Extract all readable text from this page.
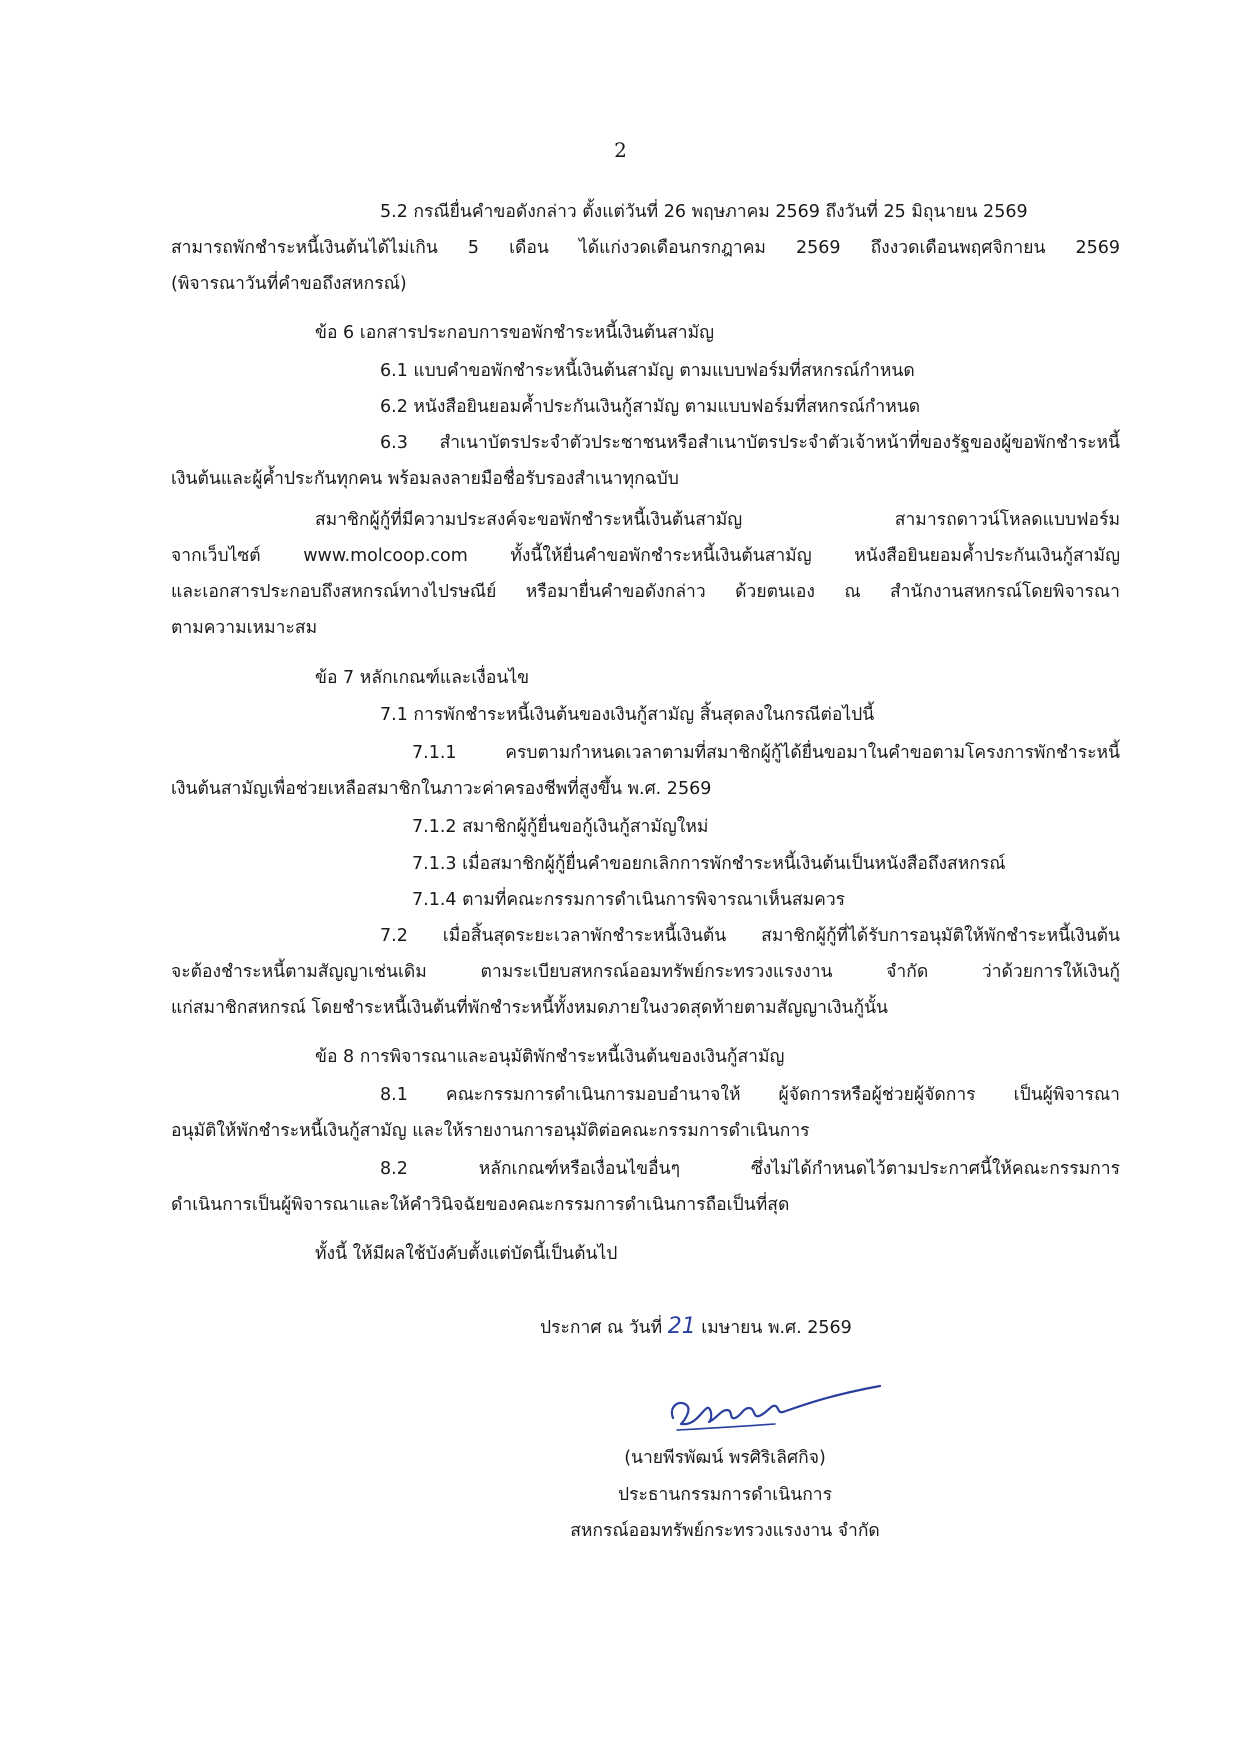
2

5.2 กรณียื่นคำขอดังกล่าว ตั้งแต่วันที่ 26 พฤษภาคม 2569 ถึงวันที่ 25 มิถุนายน 2569

สามารถพักชำระหนี้เงินต้นได้ไม่เกิน 5 เดือน ได้แก่งวดเดือนกรกฎาคม 2569 ถึงงวดเดือนพฤศจิกายน 2569

(พิจารณาวันที่คำขอถึงสหกรณ์)

ข้อ 6 เอกสารประกอบการขอพักชำระหนี้เงินต้นสามัญ

6.1 แบบคำขอพักชำระหนี้เงินต้นสามัญ ตามแบบฟอร์มที่สหกรณ์กำหนด

6.2 หนังสือยินยอมค้ำประกันเงินกู้สามัญ ตามแบบฟอร์มที่สหกรณ์กำหนด

6.3 สำเนาบัตรประจำตัวประชาชนหรือสำเนาบัตรประจำตัวเจ้าหน้าที่ของรัฐของผู้ขอพักชำระหนี้

เงินต้นและผู้ค้ำประกันทุกคน พร้อมลงลายมือชื่อรับรองสำเนาทุกฉบับ

สมาชิกผู้กู้ที่มีความประสงค์จะขอพักชำระหนี้เงินต้นสามัญ สามารถดาวน์โหลดแบบฟอร์ม

จากเว็บไซต์ www.molcoop.com ทั้งนี้ให้ยื่นคำขอพักชำระหนี้เงินต้นสามัญ หนังสือยินยอมค้ำประกันเงินกู้สามัญ

และเอกสารประกอบถึงสหกรณ์ทางไปรษณีย์ หรือมายื่นคำขอดังกล่าว ด้วยตนเอง ณ สำนักงานสหกรณ์โดยพิจารณา

ตามความเหมาะสม

ข้อ 7 หลักเกณฑ์และเงื่อนไข

7.1 การพักชำระหนี้เงินต้นของเงินกู้สามัญ สิ้นสุดลงในกรณีต่อไปนี้

7.1.1 ครบตามกำหนดเวลาตามที่สมาชิกผู้กู้ได้ยื่นขอมาในคำขอตามโครงการพักชำระหนี้

เงินต้นสามัญเพื่อช่วยเหลือสมาชิกในภาวะค่าครองชีพที่สูงขึ้น พ.ศ. 2569

7.1.2 สมาชิกผู้กู้ยื่นขอกู้เงินกู้สามัญใหม่

7.1.3 เมื่อสมาชิกผู้กู้ยื่นคำขอยกเลิกการพักชำระหนี้เงินต้นเป็นหนังสือถึงสหกรณ์

7.1.4 ตามที่คณะกรรมการดำเนินการพิจารณาเห็นสมควร

7.2 เมื่อสิ้นสุดระยะเวลาพักชำระหนี้เงินต้น สมาชิกผู้กู้ที่ได้รับการอนุมัติให้พักชำระหนี้เงินต้น

จะต้องชำระหนี้ตามสัญญาเช่นเดิม ตามระเบียบสหกรณ์ออมทรัพย์กระทรวงแรงงาน จำกัด ว่าด้วยการให้เงินกู้

แก่สมาชิกสหกรณ์ โดยชำระหนี้เงินต้นที่พักชำระหนี้ทั้งหมดภายในงวดสุดท้ายตามสัญญาเงินกู้นั้น

ข้อ 8 การพิจารณาและอนุมัติพักชำระหนี้เงินต้นของเงินกู้สามัญ

8.1 คณะกรรมการดำเนินการมอบอำนาจให้ ผู้จัดการหรือผู้ช่วยผู้จัดการ เป็นผู้พิจารณา

อนุมัติให้พักชำระหนี้เงินกู้สามัญ และให้รายงานการอนุมัติต่อคณะกรรมการดำเนินการ

8.2 หลักเกณฑ์หรือเงื่อนไขอื่นๆ ซึ่งไม่ได้กำหนดไว้ตามประกาศนี้ให้คณะกรรมการ

ดำเนินการเป็นผู้พิจารณาและให้คำวินิจฉัยของคณะกรรมการดำเนินการถือเป็นที่สุด

ทั้งนี้ ให้มีผลใช้บังคับตั้งแต่บัดนี้เป็นต้นไป

ประกาศ ณ วันที่ 21 เมษายน พ.ศ. 2569

(นายพีรพัฒน์ พรศิริเลิศกิจ)

ประธานกรรมการดำเนินการ

สหกรณ์ออมทรัพย์กระทรวงแรงงาน จำกัด
